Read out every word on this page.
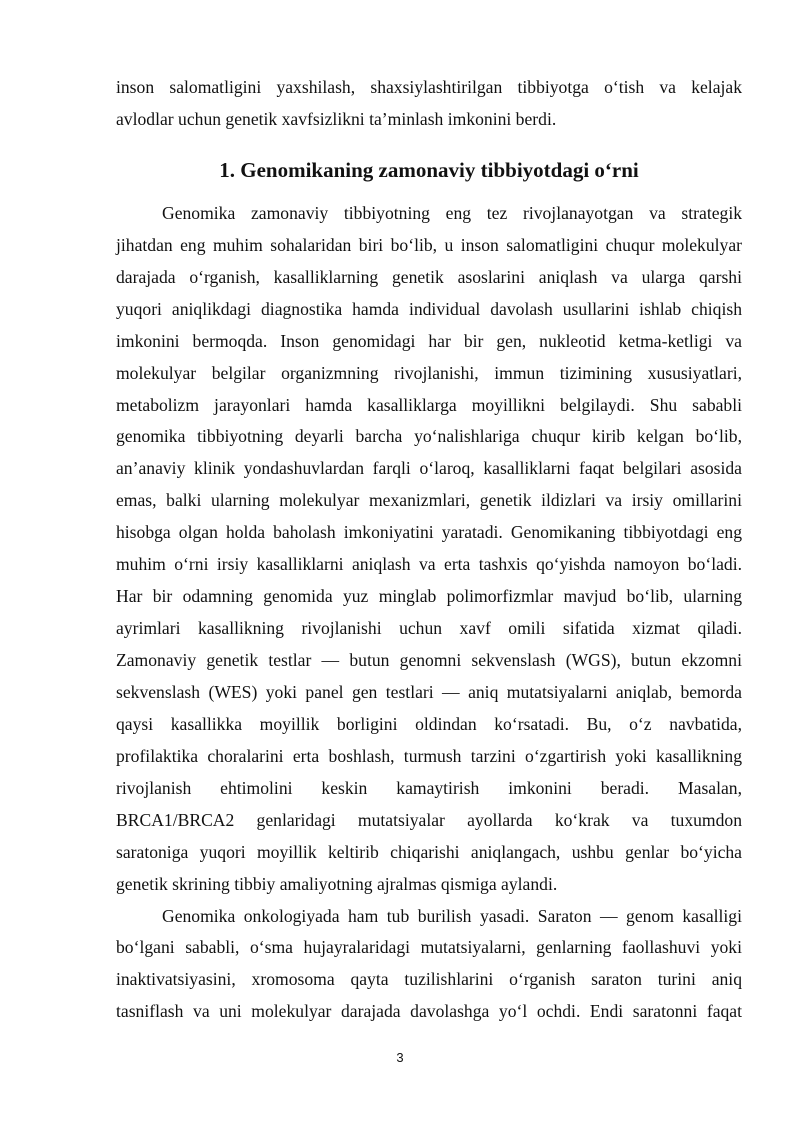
inson salomatligini yaxshilash, shaxsiylashtirilgan tibbiyotga o‘tish va kelajak
avlodlar uchun genetik xavfsizlikni ta’minlash imkonini berdi.
1. Genomikaning zamonaviy tibbiyotdagi o‘rni
Genomika zamonaviy tibbiyotning eng tez rivojlanayotgan va strategik
jihatdan eng muhim sohalaridan biri bo‘lib, u inson salomatligini chuqur molekulyar
darajada o‘rganish, kasalliklarning genetik asoslarini aniqlash va ularga qarshi
yuqori aniqlikdagi diagnostika hamda individual davolash usullarini ishlab chiqish
imkonini bermoqda. Inson genomidagi har bir gen, nukleotid ketma-ketligi va
molekulyar belgilar organizmning rivojlanishi, immun tizimining xususiyatlari,
metabolizm jarayonlari hamda kasalliklarga moyillikni belgilaydi. Shu sababli
genomika tibbiyotning deyarli barcha yo‘nalishlariga chuqur kirib kelgan bo‘lib,
an’anaviy klinik yondashuvlardan farqli o‘laroq, kasalliklarni faqat belgilari asosida
emas, balki ularning molekulyar mexanizmlari, genetik ildizlari va irsiy omillarini
hisobga olgan holda baholash imkoniyatini yaratadi. Genomikaning tibbiyotdagi eng
muhim o‘rni irsiy kasalliklarni aniqlash va erta tashxis qo‘yishda namoyon bo‘ladi.
Har bir odamning genomida yuz minglab polimorfizmlar mavjud bo‘lib, ularning
ayrimlari kasallikning rivojlanishi uchun xavf omili sifatida xizmat qiladi.
Zamonaviy genetik testlar — butun genomni sekvenslash (WGS), butun ekzomni
sekvenslash (WES) yoki panel gen testlari — aniq mutatsiyalarni aniqlab, bemorda
qaysi kasallikka moyillik borligini oldindan ko‘rsatadi. Bu, o‘z navbatida,
profilaktika choralarini erta boshlash, turmush tarzini o‘zgartirish yoki kasallikning
rivojlanish ehtimolini keskin kamaytirish imkonini beradi. Masalan,
BRCA1/BRCA2 genlaridagi mutatsiyalar ayollarda ko‘krak va tuxumdon
saratoniga yuqori moyillik keltirib chiqarishi aniqlangach, ushbu genlar bo‘yicha
genetik skrining tibbiy amaliyotning ajralmas qismiga aylandi.
Genomika onkologiyada ham tub burilish yasadi. Saraton — genom kasalligi
bo‘lgani sababli, o‘sma hujayralaridagi mutatsiyalarni, genlarning faollashuvi yoki
inaktivatsiyasini, xromosoma qayta tuzilishlarini o‘rganish saraton turini aniq
tasniflash va uni molekulyar darajada davolashga yo‘l ochdi. Endi saratonni faqat
3
